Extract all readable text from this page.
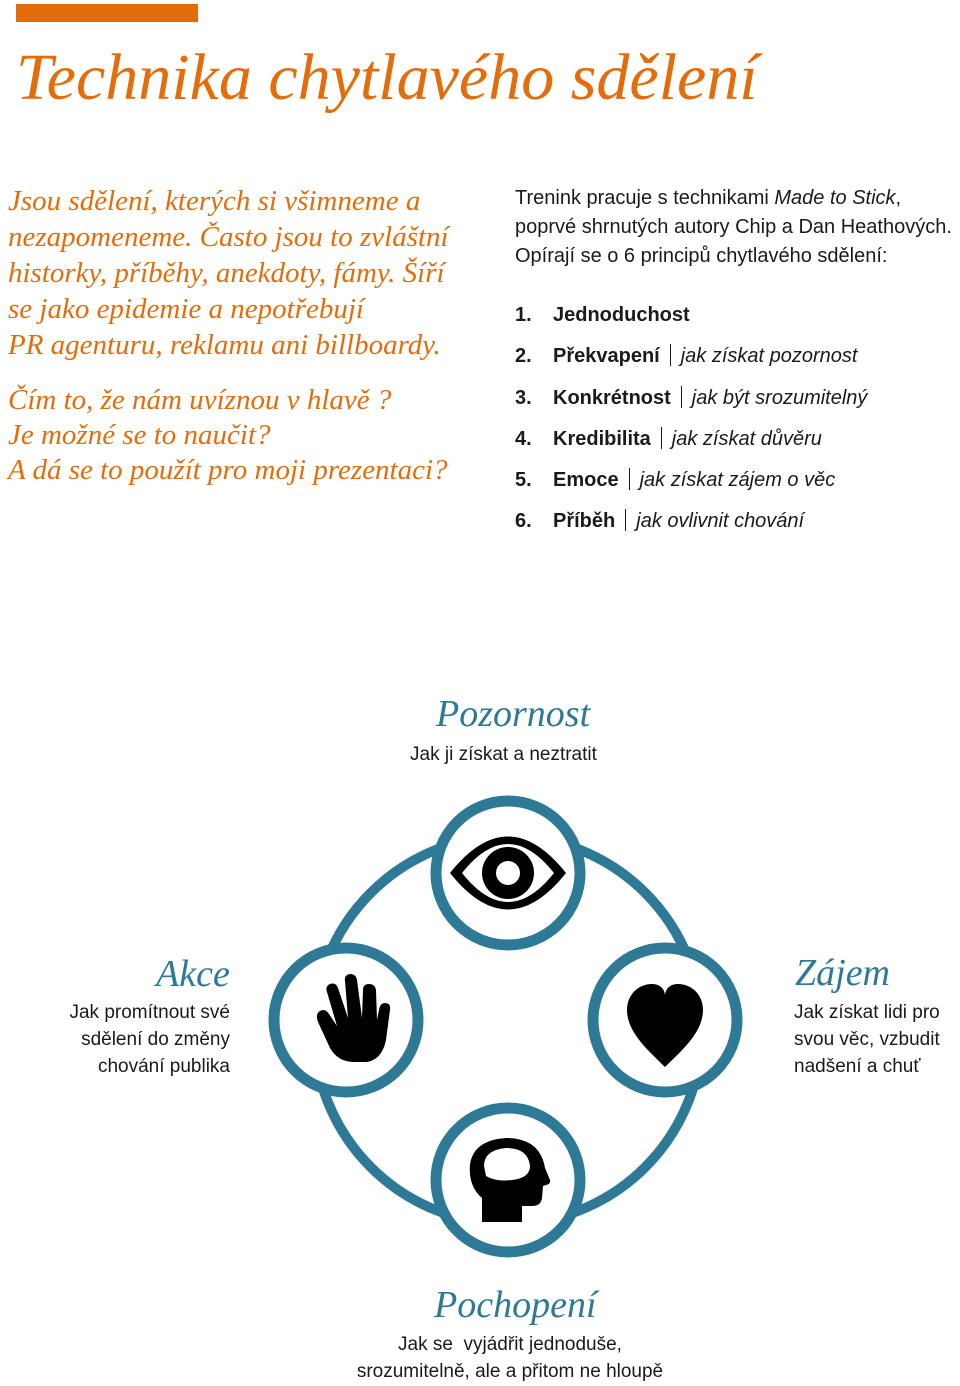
Technika chytlavého sdělení

Jsou sdělení, kterých si všimneme a
nezapomeneme. Často jsou to zvláštní
historky, příběhy, anekdoty, fámy. Šíří
se jako epidemie a nepotřebují
PR agenturu, reklamu ani billboardy.

Čím to, že nám uvíznou v hlavě ?
Je možné se to naučit?
A dá se to použít pro moji prezentaci?

Trenink pracuje s technikami Made to Stick, poprvé shrnutých autory Chip a Dan Heathových. Opírají se o 6 principů chytlavého sdělení:

1. Jednoduchost
2. Překvapení jak získat pozornost
3. Konkrétnost jak být srozumitelný
4. Kredibilita jak získat důvěru
5. Emoce jak získat zájem o věc
6. Příběh jak ovlivnit chování

Pozornost

Jak ji získat a neztratit

Zájem

Jak získat lidi pro
svou věc, vzbudit
nadšení a chuť

Akce

Jak promítnout své
sdělení do změny
chování publika

Pochopení

Jak se  vyjádřit jednoduše,
srozumitelně, ale a přitom ne hloupě
